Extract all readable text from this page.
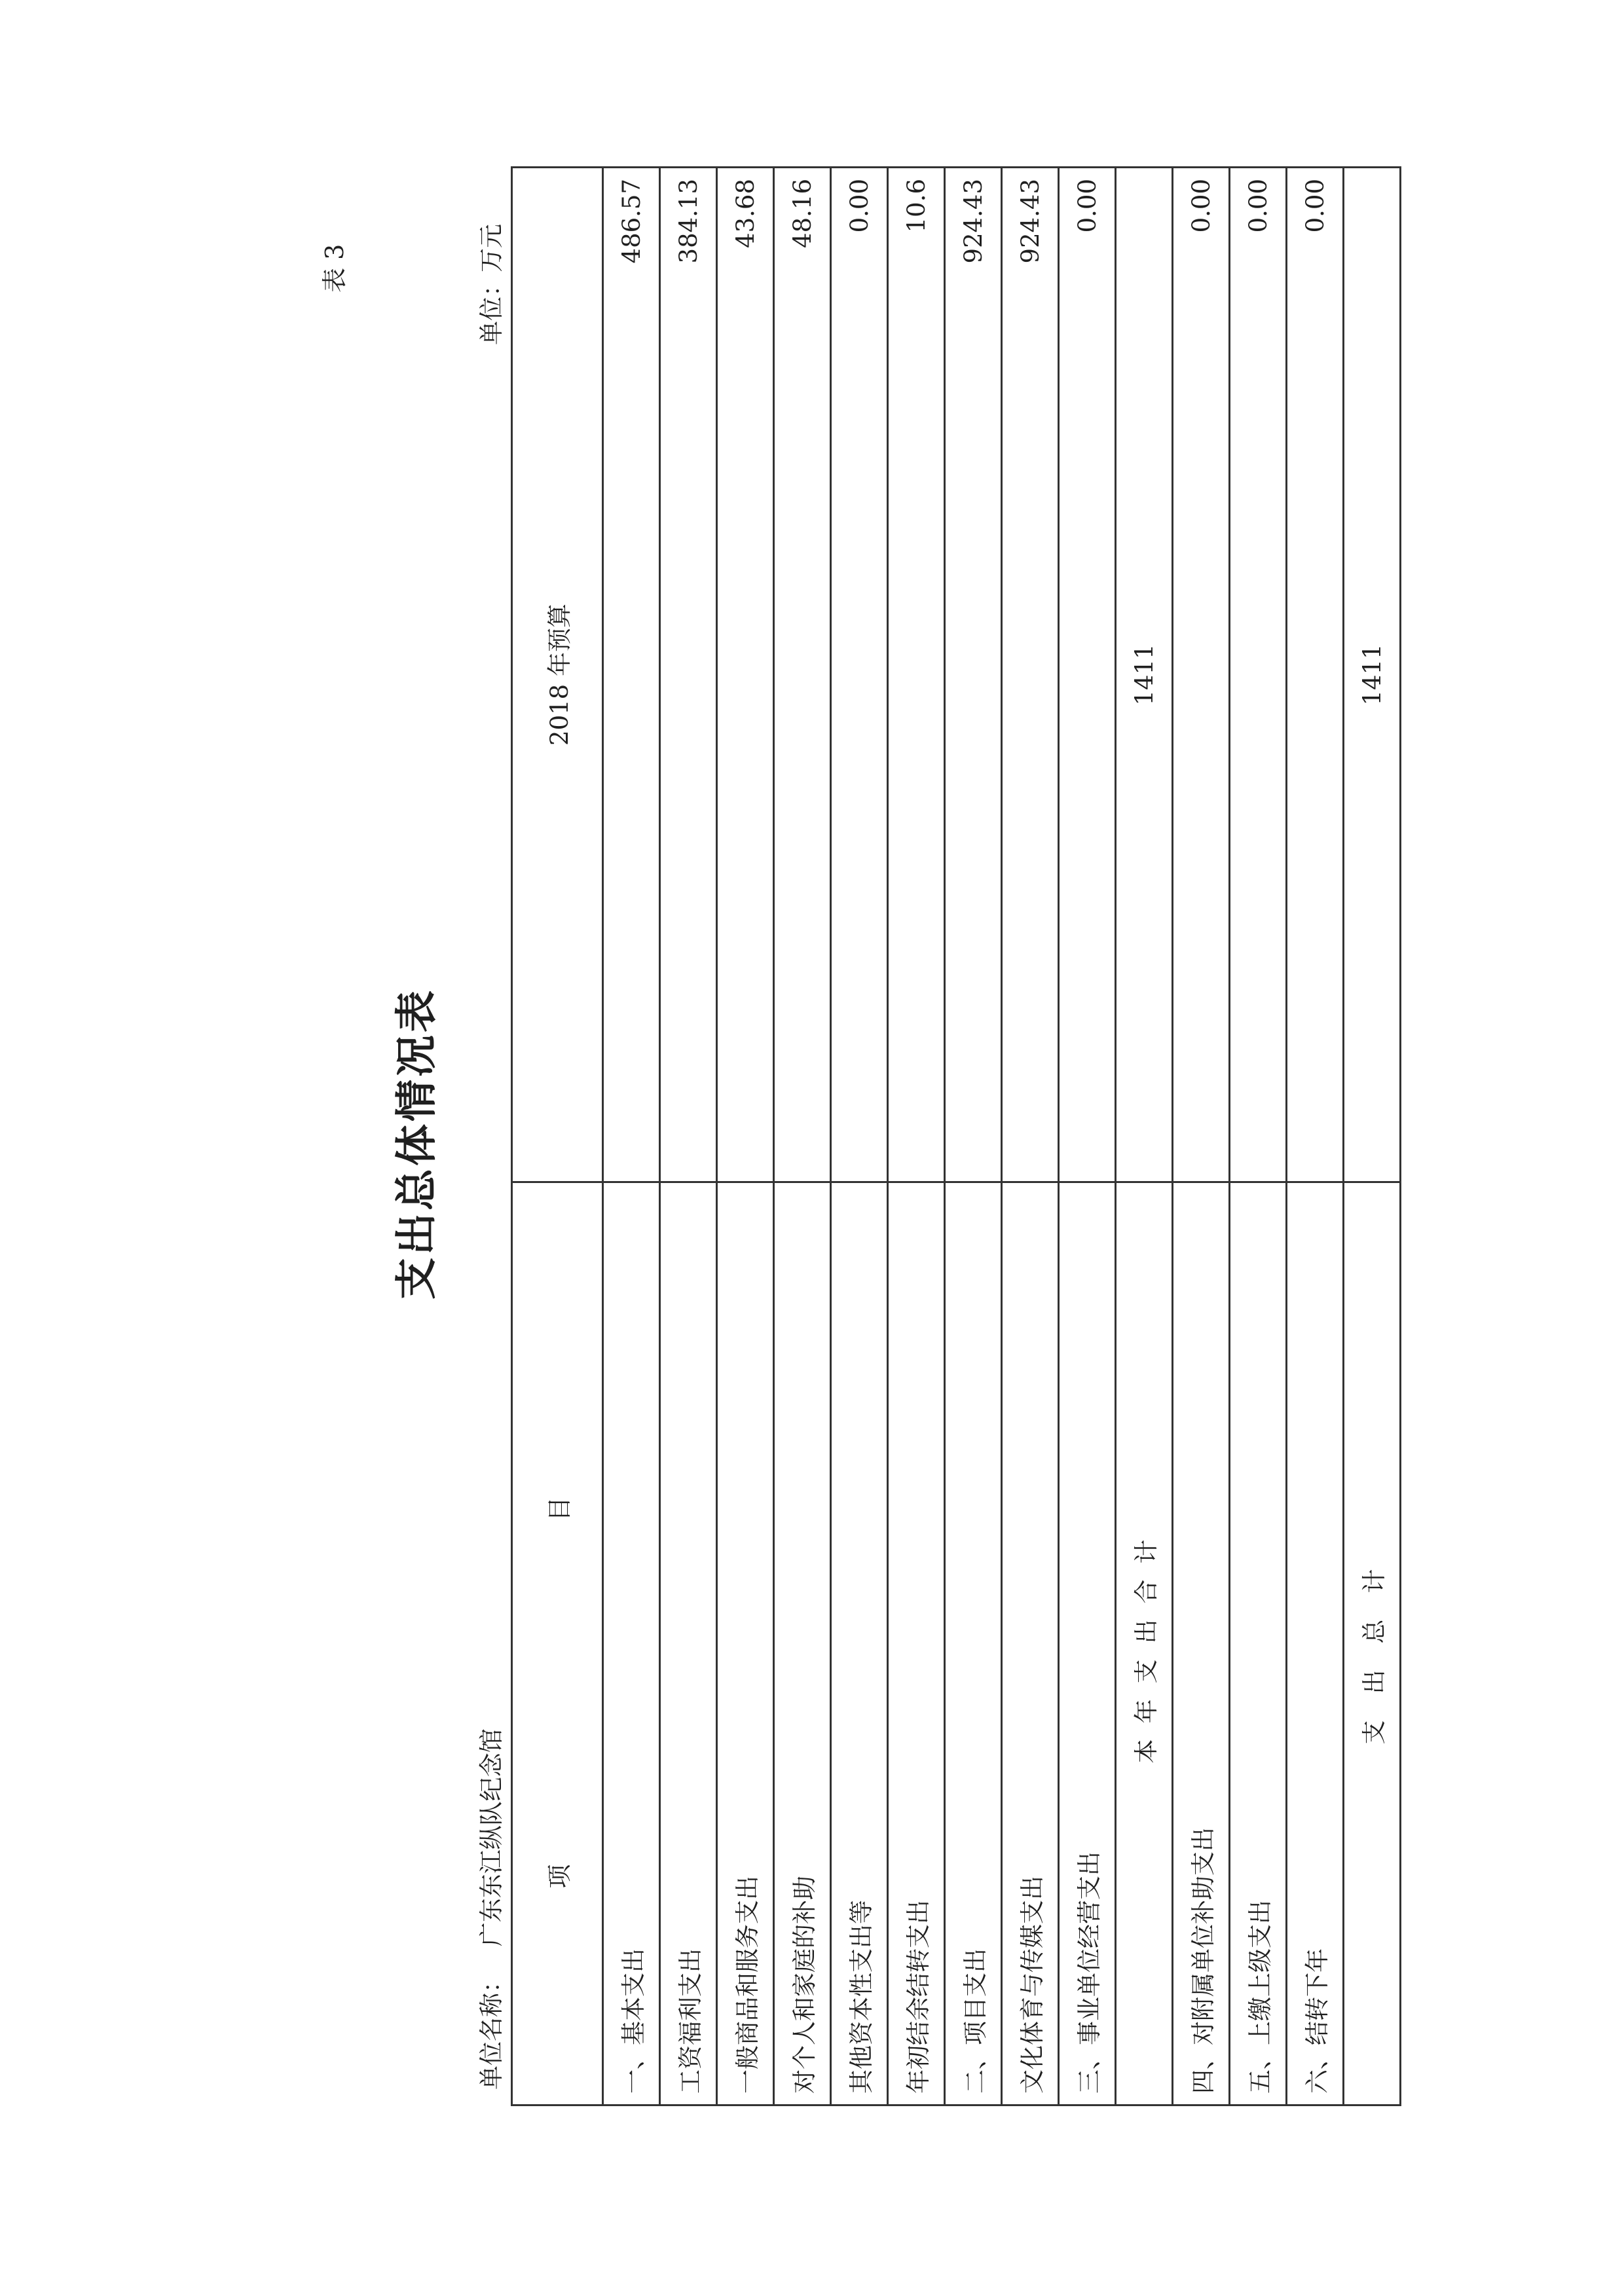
表 3
支出总体情况表
单位名称： 广东东江纵队纪念馆
单位：万元
项　　目	2018 年预算
一、基本支出	486.57
工资福利支出	384.13
一般商品和服务支出	43.68
对个人和家庭的补助	48.16
其他资本性支出等	0.00
年初结余结转支出	10.6
二、项目支出	924.43
文化体育与传媒支出	924.43
三、事业单位经营支出	0.00
本年支出合计	1411
四、对附属单位补助支出	0.00
五、上缴上级支出	0.00
六、结转下年	0.00
支出总计	1411
